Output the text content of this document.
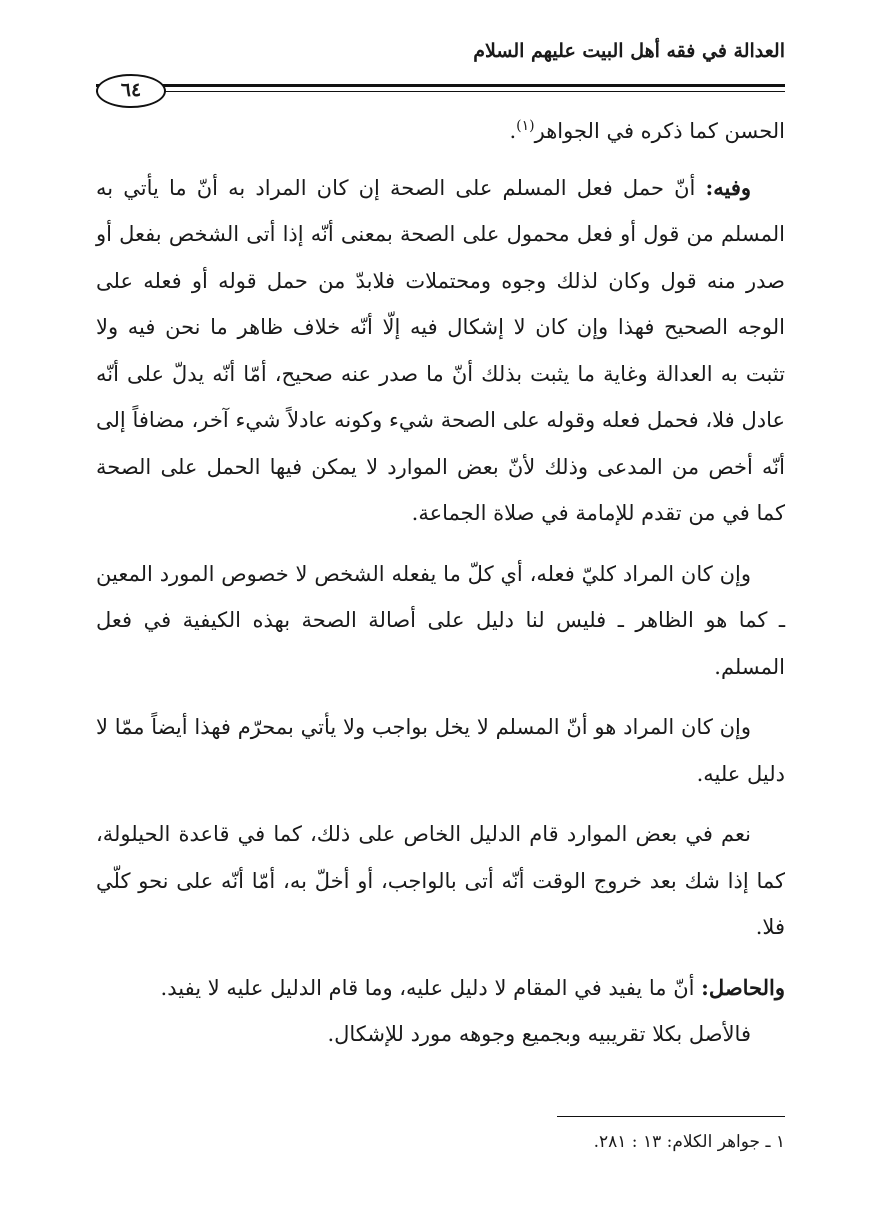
العدالة في فقه أهل البيت عليهم السلام
٦٤

الحسن كما ذكره في الجواهر$^{(١)}$.

وفيه: أنّ حمل فعل المسلم على الصحة إن كان المراد به أنّ ما يأتي به المسلم من قول أو فعل محمول على الصحة بمعنى أنّه إذا أتى الشخص بفعل أو صدر منه قول وكان لذلك وجوه ومحتملات فلابدّ من حمل قوله أو فعله على الوجه الصحيح فهذا وإن كان لا إشكال فيه إلّا أنّه خلاف ظاهر ما نحن فيه ولا تثبت به العدالة وغاية ما يثبت بذلك أنّ ما صدر عنه صحيح، أمّا أنّه يدلّ على أنّه عادل فلا، فحمل فعله وقوله على الصحة شيء وكونه عادلاً شيء آخر، مضافاً إلى أنّه أخص من المدعى وذلك لأنّ بعض الموارد لا يمكن فيها الحمل على الصحة كما في من تقدم للإمامة في صلاة الجماعة.

وإن كان المراد كليّ فعله، أي كلّ ما يفعله الشخص لا خصوص المورد المعين ـ كما هو الظاهر ـ فليس لنا دليل على أصالة الصحة بهذه الكيفية في فعل المسلم.

وإن كان المراد هو أنّ المسلم لا يخل بواجب ولا يأتي بمحرّم فهذا أيضاً ممّا لا دليل عليه.

نعم في بعض الموارد قام الدليل الخاص على ذلك، كما في قاعدة الحيلولة، كما إذا شك بعد خروج الوقت أنّه أتى بالواجب، أو أخلّ به، أمّا أنّه على نحو كلّي فلا.

والحاصل: أنّ ما يفيد في المقام لا دليل عليه، وما قام الدليل عليه لا يفيد.

فالأصل بكلا تقريبيه وبجميع وجوهه مورد للإشكال.

١ ـ جواهر الكلام: ١٣ : ٢٨١.
